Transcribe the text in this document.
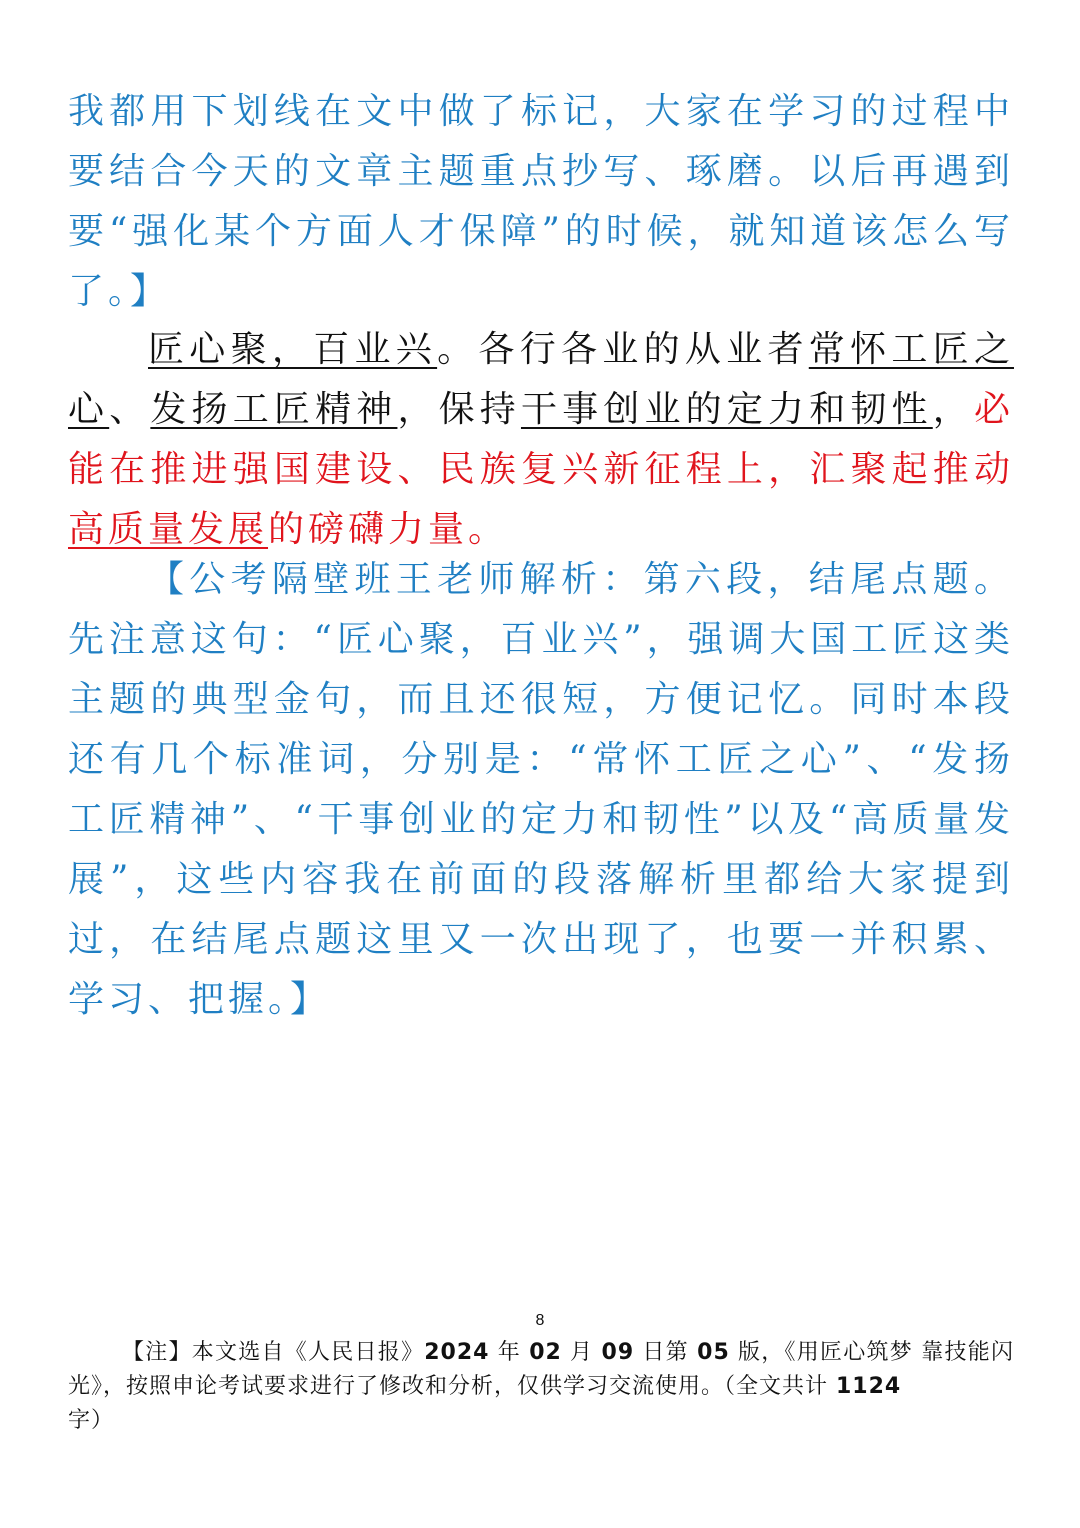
我都用下划线在文中做了标记，大家在学习的过程中要结合今天的文章主题重点抄写、琢磨。以后再遇到要“强化某个方面人才保障”的时候，就知道该怎么写了。】

匠心聚，百业兴。各行各业的从业者常怀工匠之心、发扬工匠精神，保持干事创业的定力和韧性，必能在推进强国建设、民族复兴新征程上，汇聚起推动高质量发展的磅礴力量。

【公考隔壁班王老师解析：第六段，结尾点题。先注意这句：“匠心聚，百业兴”，强调大国工匠这类主题的典型金句，而且还很短，方便记忆。同时本段还有几个标准词，分别是：“常怀工匠之心”、“发扬工匠精神”、“干事创业的定力和韧性”以及“高质量发展”，这些内容我在前面的段落解析里都给大家提到过，在结尾点题这里又一次出现了，也要一并积累、学习、把握。】

8

【注】本文选自《人民日报》2024 年 02 月 09 日第 05 版，《用匠心筑梦 靠技能闪光》，按照申论考试要求进行了修改和分析，仅供学习交流使用。（全文共计 1124
字）
